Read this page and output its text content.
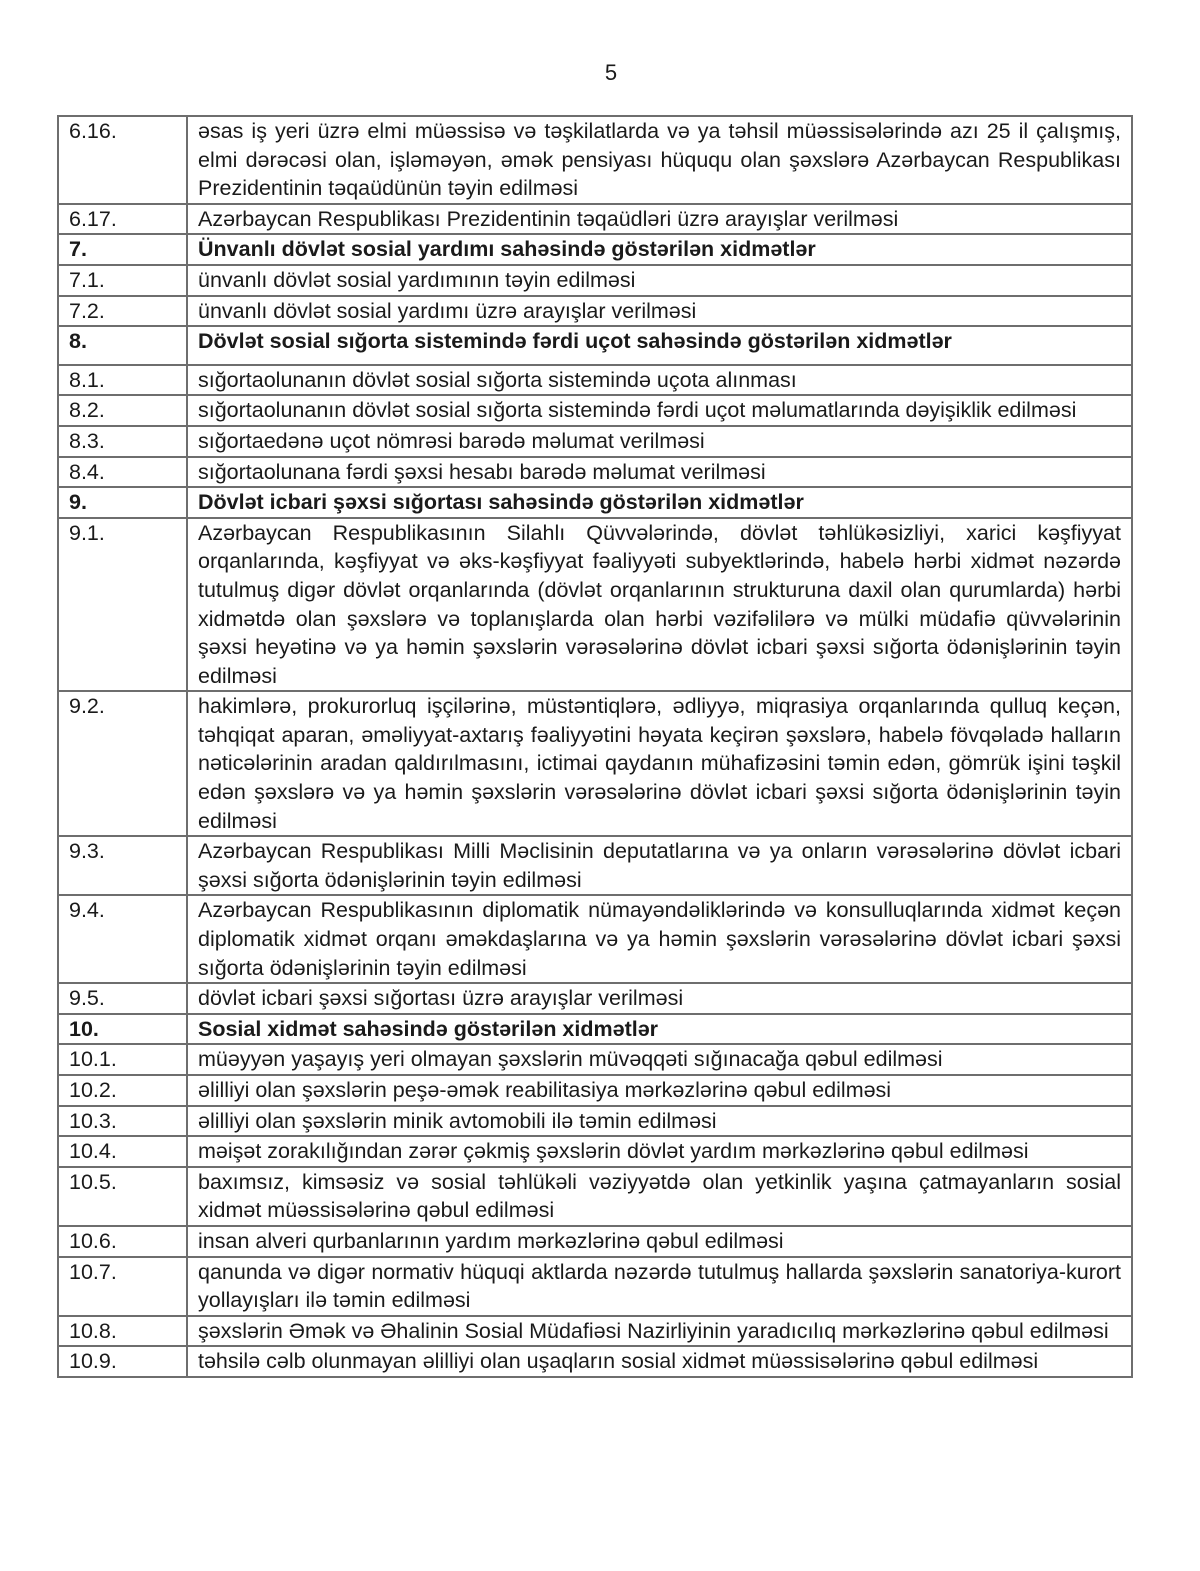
5
6.16.	əsas iş yeri üzrə elmi müəssisə və təşkilatlarda və ya təhsil müəssisələrində azı 25 il çalışmış, elmi dərəcəsi olan, işləməyən, əmək pensiyası hüququ olan şəxslərə Azərbaycan Respublikası Prezidentinin təqaüdünün təyin edilməsi
6.17.	Azərbaycan Respublikası Prezidentinin təqaüdləri üzrə arayışlar verilməsi
7.	Ünvanlı dövlət sosial yardımı sahəsində göstərilən xidmətlər
7.1.	ünvanlı dövlət sosial yardımının təyin edilməsi
7.2.	ünvanlı dövlət sosial yardımı üzrə arayışlar verilməsi
8.	Dövlət sosial sığorta sistemində fərdi uçot sahəsində göstərilən xidmətlər
8.1.	sığortaolunanın dövlət sosial sığorta sistemində uçota alınması
8.2.	sığortaolunanın dövlət sosial sığorta sistemində fərdi uçot məlumatlarında dəyişiklik edilməsi
8.3.	sığortaedənə uçot nömrəsi barədə məlumat verilməsi
8.4.	sığortaolunana fərdi şəxsi hesabı barədə məlumat verilməsi
9.	Dövlət icbari şəxsi sığortası sahəsində göstərilən xidmətlər
9.1.	Azərbaycan Respublikasının Silahlı Qüvvələrində, dövlət təhlükəsizliyi, xarici kəşfiyyat orqanlarında, kəşfiyyat və əks-kəşfiyyat fəaliyyəti subyektlərində, habelə hərbi xidmət nəzərdə tutulmuş digər dövlət orqanlarında (dövlət orqanlarının strukturuna daxil olan qurumlarda) hərbi xidmətdə olan şəxslərə və toplanışlarda olan hərbi vəzifəlilərə və mülki müdafiə qüvvələrinin şəxsi heyətinə və ya həmin şəxslərin vərəsələrinə dövlət icbari şəxsi sığorta ödənişlərinin təyin edilməsi
9.2.	hakimlərə, prokurorluq işçilərinə, müstəntiqlərə, ədliyyə, miqrasiya orqanlarında qulluq keçən, təhqiqat aparan, əməliyyat-axtarış fəaliyyətini həyata keçirən şəxslərə, habelə fövqəladə halların nəticələrinin aradan qaldırılmasını, ictimai qaydanın mühafizəsini təmin edən, gömrük işini təşkil edən şəxslərə və ya həmin şəxslərin vərəsələrinə dövlət icbari şəxsi sığorta ödənişlərinin təyin edilməsi
9.3.	Azərbaycan Respublikası Milli Məclisinin deputatlarına və ya onların vərəsələrinə dövlət icbari şəxsi sığorta ödənişlərinin təyin edilməsi
9.4.	Azərbaycan Respublikasının diplomatik nümayəndəliklərində və konsulluqlarında xidmət keçən diplomatik xidmət orqanı əməkdaşlarına və ya həmin şəxslərin vərəsələrinə dövlət icbari şəxsi sığorta ödənişlərinin təyin edilməsi
9.5.	dövlət icbari şəxsi sığortası üzrə arayışlar verilməsi
10.	Sosial xidmət sahəsində göstərilən xidmətlər
10.1.	müəyyən yaşayış yeri olmayan şəxslərin müvəqqəti sığınacağa qəbul edilməsi
10.2.	əlilliyi olan şəxslərin peşə-əmək reabilitasiya mərkəzlərinə qəbul edilməsi
10.3.	əlilliyi olan şəxslərin minik avtomobili ilə təmin edilməsi
10.4.	məişət zorakılığından zərər çəkmiş şəxslərin dövlət yardım mərkəzlərinə qəbul edilməsi
10.5.	baxımsız, kimsəsiz və sosial təhlükəli vəziyyətdə olan yetkinlik yaşına çatmayanların sosial xidmət müəssisələrinə qəbul edilməsi
10.6.	insan alveri qurbanlarının yardım mərkəzlərinə qəbul edilməsi
10.7.	qanunda və digər normativ hüquqi aktlarda nəzərdə tutulmuş hallarda şəxslərin sanatoriya-kurort yollayışları ilə təmin edilməsi
10.8.	şəxslərin Əmək və Əhalinin Sosial Müdafiəsi Nazirliyinin yaradıcılıq mərkəzlərinə qəbul edilməsi
10.9.	təhsilə cəlb olunmayan əlilliyi olan uşaqların sosial xidmət müəssisələrinə qəbul edilməsi
